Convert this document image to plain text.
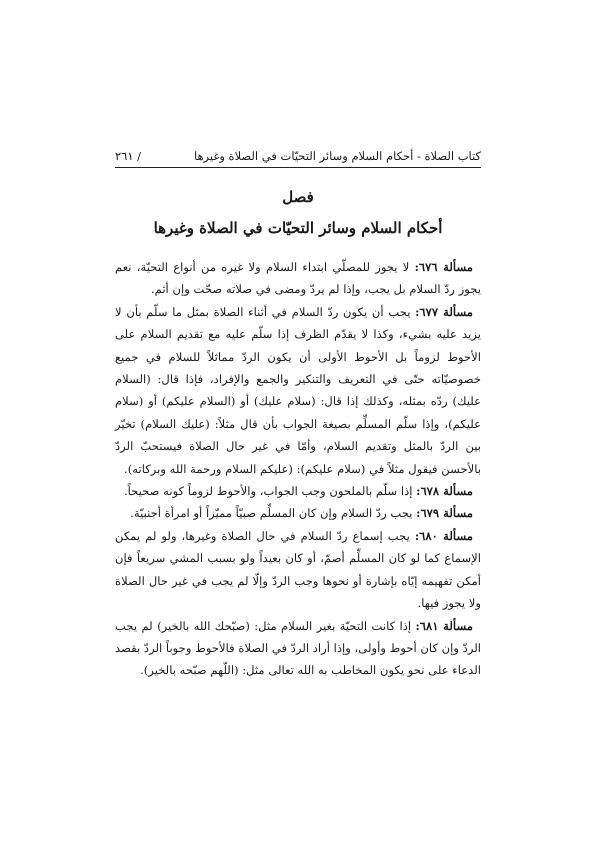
كتاب الصلاة - أحكام السلام وسائر التحيّات في الصلاة وغيرها
٢٦١ /
فصل
أحكام السلام وسائر التحيّات في الصلاة وغيرها

مسألة ٦٧٦: لا يجوز للمصلّي ابتداء السلام ولا غيره من أنواع التحيّة، نعم يجوز ردّ السلام بل يجب، وإذا لم يردّ ومضى في صلاته صحّت وإن أثم.

مسألة ٦٧٧: يجب أن يكون ردّ السلام في أثناء الصلاة بمثل ما سلّم بأن لا يزيد عليه بشيء، وكذا لا يقدّم الظرف إذا سلّم عليه مع تقديم السلام على الأحوط لزوماً بل الأحوط الأولى أن يكون الردّ مماثلاً للسلام في جميع خصوصيّاته حتّى في التعريف والتنكير والجمع والإفراد، فإذا قال: (السلام عليك) ردّه بمثله، وكذلك إذا قال: (سلام عليك) أو (السلام عليكم) أو (سلام عليكم)، وإذا سلّم المسلِّم بصيغة الجواب بأن قال مثلاً: (عليك السلام) تخيّر بين الردّ بالمثل وتقديم السلام، وأمّا في غير حال الصلاة فيستحبّ الردّ بالأحسن فيقول مثلاً في (سلام عليكم): (عليكم السلام ورحمة الله وبركاته).

مسألة ٦٧٨: إذا سلّم بالملحون وجب الجواب، والأحوط لزوماً كونه صحيحاً.

مسألة ٦٧٩: يجب ردّ السلام وإن كان المسلِّم صبيّاً مميّزاً أو امرأة أجنبيّة.

مسألة ٦٨٠: يجب إسماع ردّ السلام في حال الصلاة وغيرها، ولو لم يمكن الإسماع كما لو كان المسلِّم أصمّ، أو كان بعيداً ولو بسبب المشي سريعاً فإن أمكن تفهيمه إيّاه بإشارة أو نحوها وجب الردّ وإلّا لم يجب في غير حال الصلاة ولا يجوز فيها.

مسألة ٦٨١: إذا كانت التحيّة بغير السلام مثل: (صبّحك الله بالخير) لم يجب الردّ وإن كان أحوط وأولى، وإذا أراد الردّ في الصلاة فالأحوط وجوباً الردّ بقصد الدعاء على نحو يكون المخاطب به الله تعالى مثل: (اللّهم صبّحه بالخير).
